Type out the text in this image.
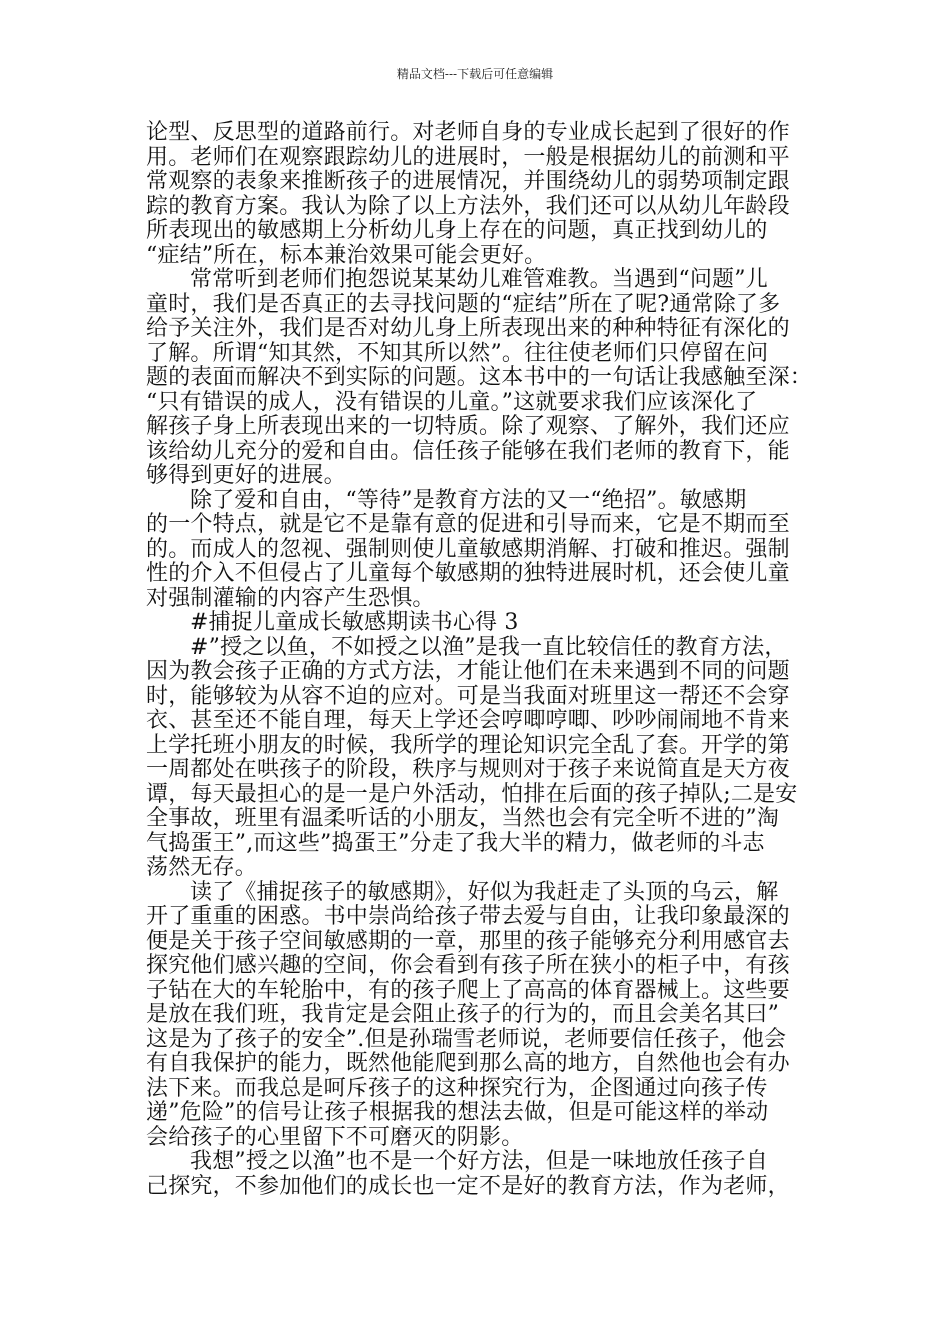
精品文档---下载后可任意编辑
论型、反思型的道路前行。对老师自身的专业成长起到了很好的作
用。老师们在观察跟踪幼儿的进展时，一般是根据幼儿的前测和平
常观察的表象来推断孩子的进展情况，并围绕幼儿的弱势项制定跟
踪的教育方案。我认为除了以上方法外，我们还可以从幼儿年龄段
所表现出的敏感期上分析幼儿身上存在的问题，真正找到幼儿的
“症结”所在，标本兼治效果可能会更好。
常常听到老师们抱怨说某某幼儿难管难教。当遇到“问题”儿
童时，我们是否真正的去寻找问题的“症结”所在了呢?通常除了多
给予关注外，我们是否对幼儿身上所表现出来的种种特征有深化的
了解。所谓“知其然，不知其所以然”。往往使老师们只停留在问
题的表面而解决不到实际的问题。这本书中的一句话让我感触至深：
“只有错误的成人，没有错误的儿童。”这就要求我们应该深化了
解孩子身上所表现出来的一切特质。除了观察、了解外，我们还应
该给幼儿充分的爱和自由。信任孩子能够在我们老师的教育下，能
够得到更好的进展。
除了爱和自由，“等待”是教育方法的又一“绝招”。敏感期
的一个特点，就是它不是靠有意的促进和引导而来，它是不期而至
的。而成人的忽视、强制则使儿童敏感期消解、打破和推迟。强制
性的介入不但侵占了儿童每个敏感期的独特进展时机，还会使儿童
对强制灌输的内容产生恐惧。
#捕捉儿童成长敏感期读书心得 3
#”授之以鱼，不如授之以渔”是我一直比较信任的教育方法，
因为教会孩子正确的方式方法，才能让他们在未来遇到不同的问题
时，能够较为从容不迫的应对。可是当我面对班里这一帮还不会穿
衣、甚至还不能自理，每天上学还会哼唧哼唧、吵吵闹闹地不肯来
上学托班小朋友的时候，我所学的理论知识完全乱了套。开学的第
一周都处在哄孩子的阶段，秩序与规则对于孩子来说简直是天方夜
谭，每天最担心的是一是户外活动，怕排在后面的孩子掉队;二是安
全事故，班里有温柔听话的小朋友，当然也会有完全听不进的”淘
气捣蛋王”,而这些”捣蛋王”分走了我大半的精力，做老师的斗志
荡然无存。
读了《捕捉孩子的敏感期》，好似为我赶走了头顶的乌云，解
开了重重的困惑。书中崇尚给孩子带去爱与自由，让我印象最深的
便是关于孩子空间敏感期的一章，那里的孩子能够充分利用感官去
探究他们感兴趣的空间，你会看到有孩子所在狭小的柜子中，有孩
子钻在大的车轮胎中，有的孩子爬上了高高的体育器械上。这些要
是放在我们班，我肯定是会阻止孩子的行为的，而且会美名其曰”
这是为了孩子的安全”.但是孙瑞雪老师说，老师要信任孩子，他会
有自我保护的能力，既然他能爬到那么高的地方，自然他也会有办
法下来。而我总是呵斥孩子的这种探究行为，企图通过向孩子传
递”危险”的信号让孩子根据我的想法去做，但是可能这样的举动
会给孩子的心里留下不可磨灭的阴影。
我想”授之以渔”也不是一个好方法，但是一味地放任孩子自
己探究，不参加他们的成长也一定不是好的教育方法，作为老师，
